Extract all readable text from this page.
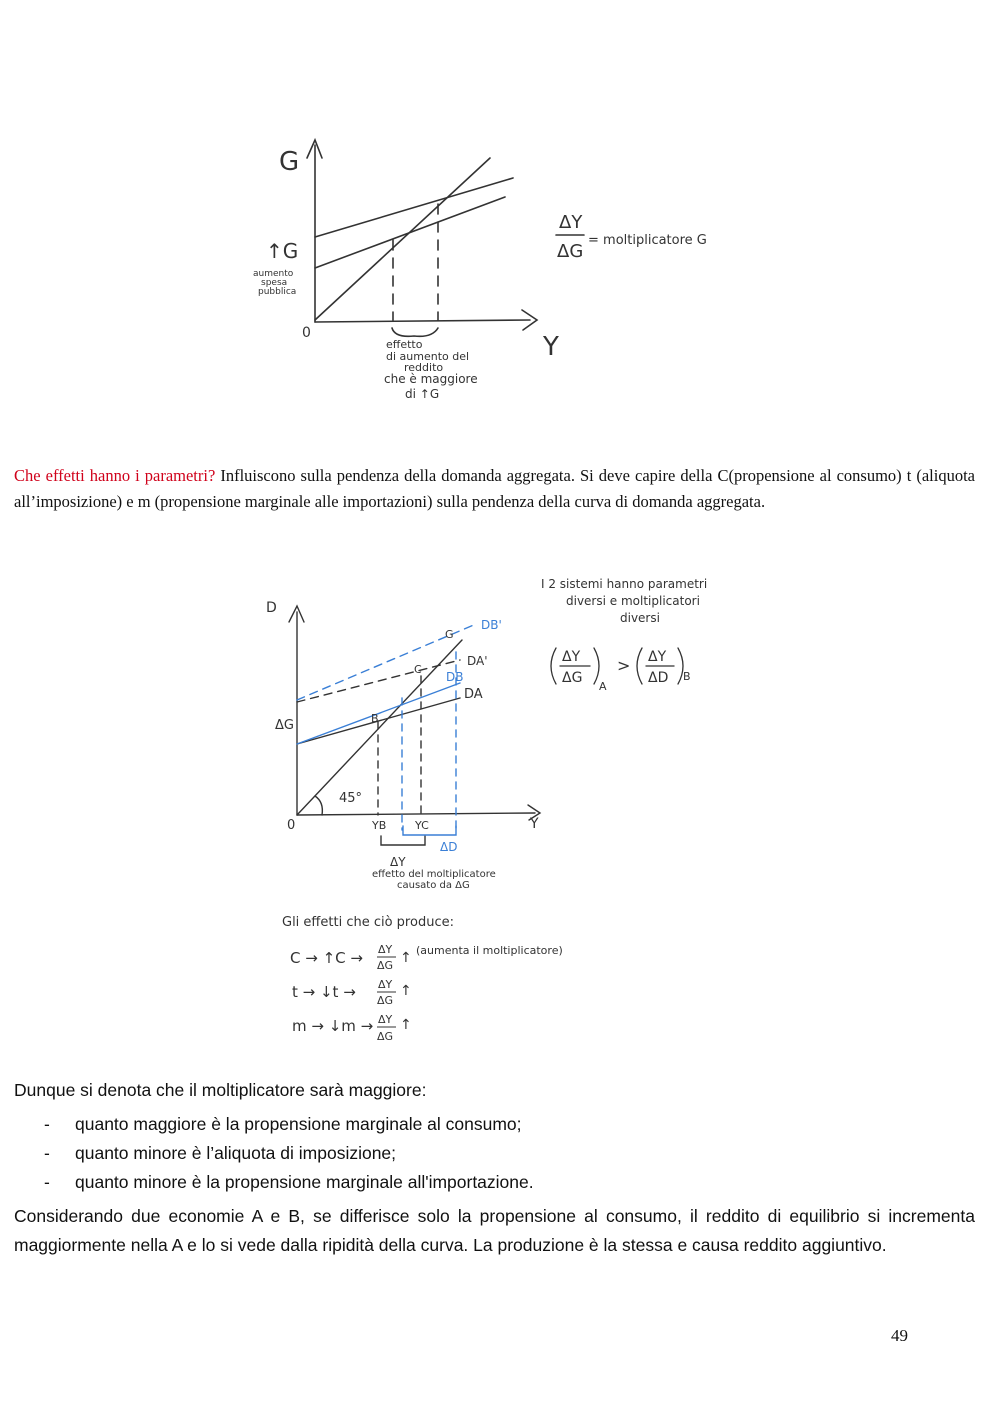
G
Y
0
↑G
aumento
spesa
pubblica
ΔY
ΔG
= moltiplicatore G
effetto
di aumento del
reddito
che è maggiore
di ↑G

Che effetti hanno i parametri? Influiscono sulla pendenza della domanda aggregata. Si deve capire della C(propensione al consumo) t (aliquota all’imposizione) e m (propensione marginale alle importazioni) sulla pendenza della curva di domanda aggregata.

D
Y
0
ΔG
45°
G
DB'
DA'
DB
DA
B
C
YB	YC
ΔD
ΔY
effetto del moltiplicatore
causato da ΔG
I 2 sistemi hanno parametri
diversi e moltiplicatori
diversi
ΔY
ΔG
A
> ΔY
ΔD B
Gli effetti che ciò produce:
C → ↑C → ΔY
ΔG ↑ (aumenta il moltiplicatore)
t → ↓t → ΔY
ΔG
↑
m → ↓m → ΔY
ΔG
↑

Dunque si denota che il moltiplicatore sarà maggiore:

- quanto maggiore è la propensione marginale al consumo;
- quanto minore è l’aliquota di imposizione;
- quanto minore è la propensione marginale all'importazione.

Considerando due economie A e B, se differisce solo la propensione al consumo, il reddito di equilibrio si incrementa maggiormente nella A e lo si vede dalla ripidità della curva. La produzione è la stessa e causa reddito aggiuntivo.

49
